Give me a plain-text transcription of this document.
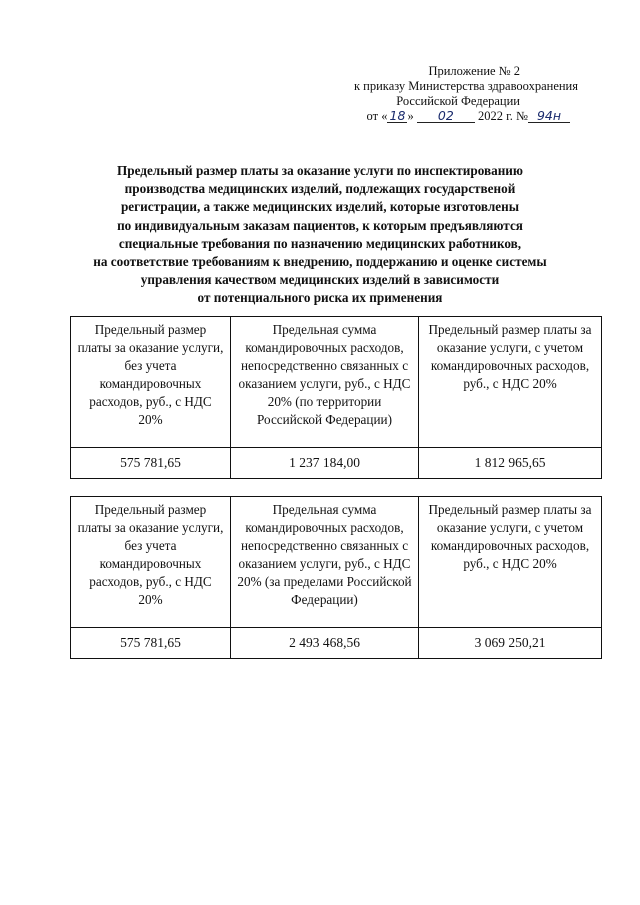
Приложение № 2
к приказу Министерства здравоохранения
Российской Федерации
от « 18 » 02 2022 г. № 94н
Предельный размер платы за оказание услуги по инспектированию
производства медицинских изделий, подлежащих государственой
регистрации, а также медицинских изделий, которые изготовлены
по индивидуальным заказам пациентов, к которым предъявляются
специальные требования по назначению медицинских работников,
на соответствие требованиям к внедрению, поддержанию и оценке системы
управления качеством медицинских изделий в зависимости
от потенциального риска их применения
Предельный размер платы за оказание услуги, без учета командировочных расходов, руб., с НДС 20%	Предельная сумма командировочных расходов, непосредственно связанных с оказанием услуги, руб., с НДС 20% (по территории Российской Федерации)	Предельный размер платы за оказание услуги, с учетом командировочных расходов, руб., с НДС 20%
575 781,65	1 237 184,00	1 812 965,65
Предельный размер платы за оказание услуги, без учета командировочных расходов, руб., с НДС 20%	Предельная сумма командировочных расходов, непосредственно связанных с оказанием услуги, руб., с НДС 20% (за пределами Российской Федерации)	Предельный размер платы за оказание услуги, с учетом командировочных расходов, руб., с НДС 20%
575 781,65	2 493 468,56	3 069 250,21
